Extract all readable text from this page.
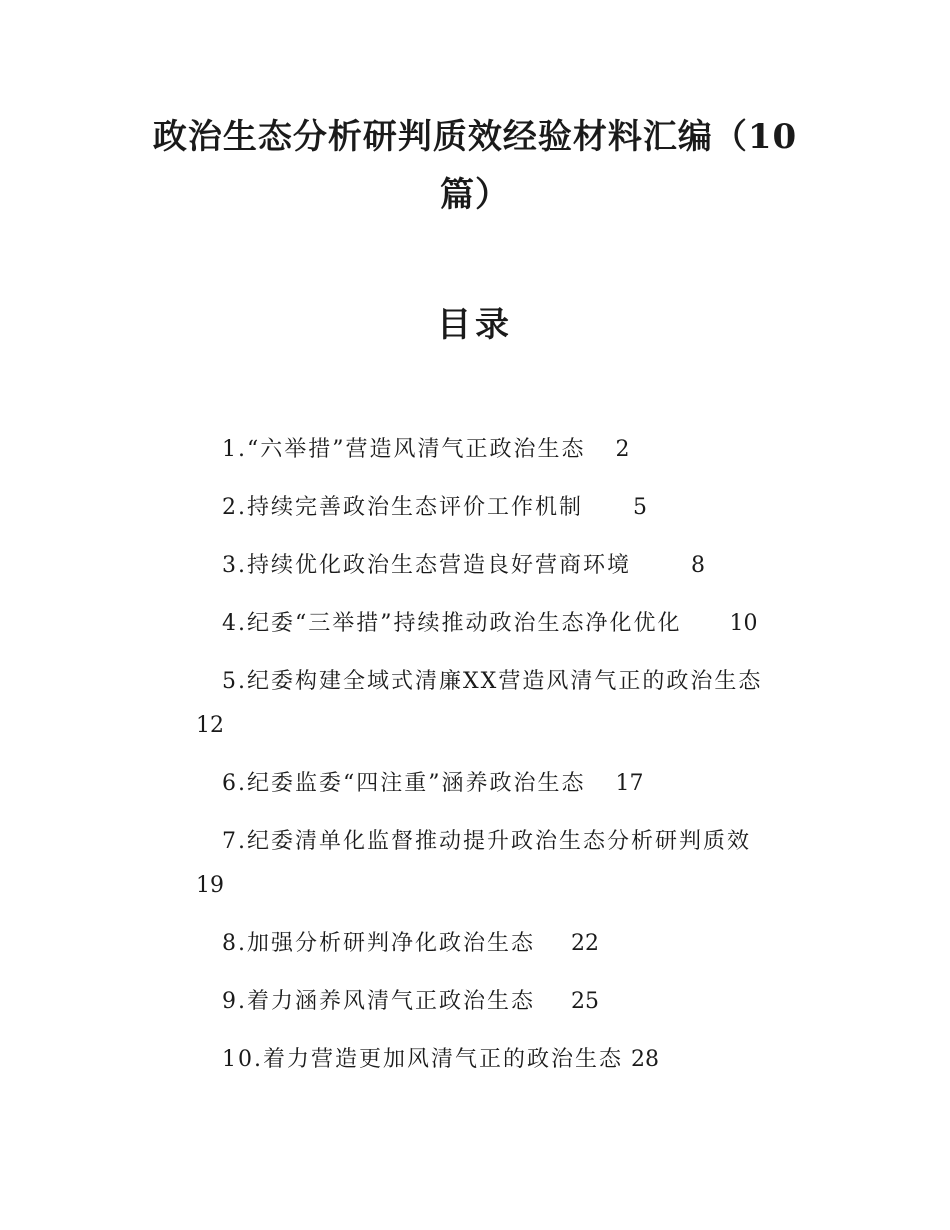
政治生态分析研判质效经验材料汇编（10篇）
目录
1.“六举措”营造风清气正政治生态 2
2.持续完善政治生态评价工作机制 5
3.持续优化政治生态营造良好营商环境	8
4.纪委“三举措”持续推动政治生态净化优化 10
5.纪委构建全域式清廉XX营造风清气正的政治生态
12
6.纪委监委“四注重”涵养政治生态 17
7.纪委清单化监督推动提升政治生态分析研判质效
19
8.加强分析研判净化政治生态 22
9.着力涵养风清气正政治生态 25
10.着力营造更加风清气正的政治生态 28
